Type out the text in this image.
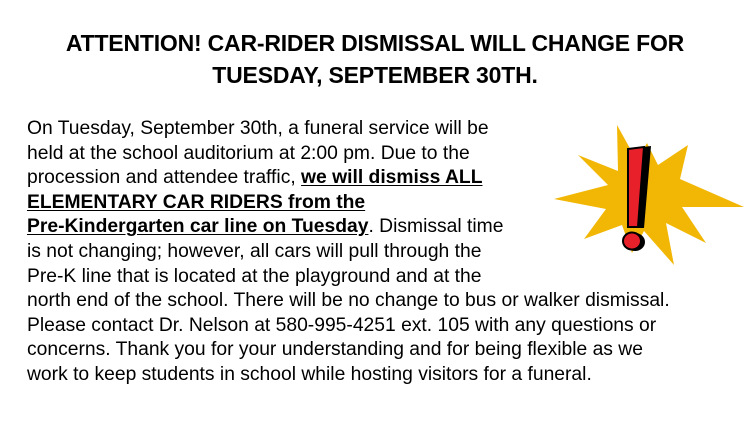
ATTENTION! CAR-RIDER DISMISSAL WILL CHANGE FOR
TUESDAY, SEPTEMBER 30TH.

On Tuesday, September 30th, a funeral service will be
held at the school auditorium at 2:00 pm. Due to the
procession and attendee traffic, we will dismiss ALL
ELEMENTARY CAR RIDERS from the
Pre-Kindergarten car line on Tuesday. Dismissal time
is not changing; however, all cars will pull through the
Pre-K line that is located at the playground and at the
north end of the school. There will be no change to bus or walker dismissal.
Please contact Dr. Nelson at 580-995-4251 ext. 105 with any questions or
concerns. Thank you for your understanding and for being flexible as we
work to keep students in school while hosting visitors for a funeral.
